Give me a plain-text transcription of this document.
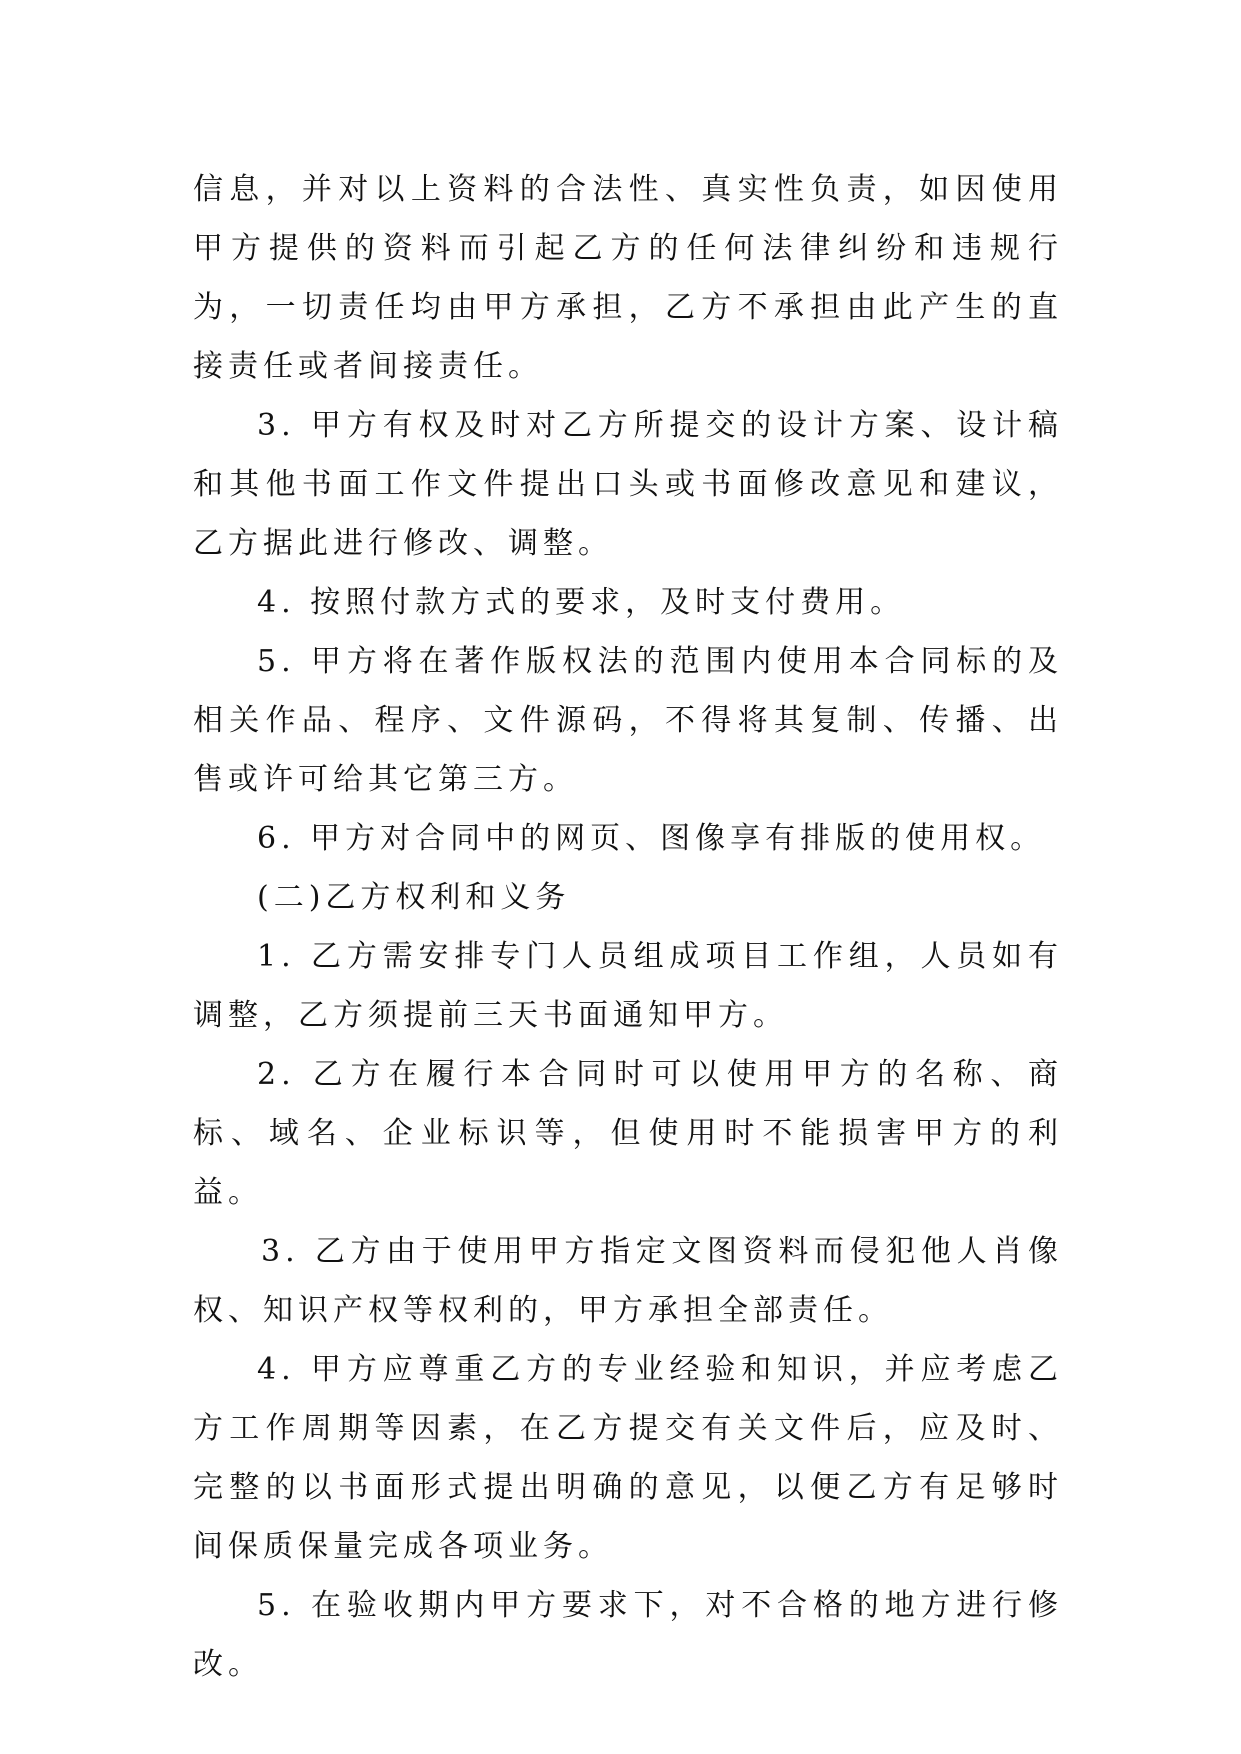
信息，并对以上资料的合法性、真实性负责，如因使用甲方提供的资料而引起乙方的任何法律纠纷和违规行为，一切责任均由甲方承担，乙方不承担由此产生的直接责任或者间接责任。

3. 甲方有权及时对乙方所提交的设计方案、设计稿和其他书面工作文件提出口头或书面修改意见和建议，乙方据此进行修改、调整。

4. 按照付款方式的要求，及时支付费用。

5. 甲方将在著作版权法的范围内使用本合同标的及相关作品、程序、文件源码，不得将其复制、传播、出售或许可给其它第三方。

6. 甲方对合同中的网页、图像享有排版的使用权。

(二)乙方权利和义务

1. 乙方需安排专门人员组成项目工作组，人员如有调整，乙方须提前三天书面通知甲方。

2. 乙方在履行本合同时可以使用甲方的名称、商标、域名、企业标识等，但使用时不能损害甲方的利益。

3. 乙方由于使用甲方指定文图资料而侵犯他人肖像权、知识产权等权利的，甲方承担全部责任。

4. 甲方应尊重乙方的专业经验和知识，并应考虑乙方工作周期等因素，在乙方提交有关文件后，应及时、完整的以书面形式提出明确的意见，以便乙方有足够时间保质保量完成各项业务。

5. 在验收期内甲方要求下，对不合格的地方进行修改。
